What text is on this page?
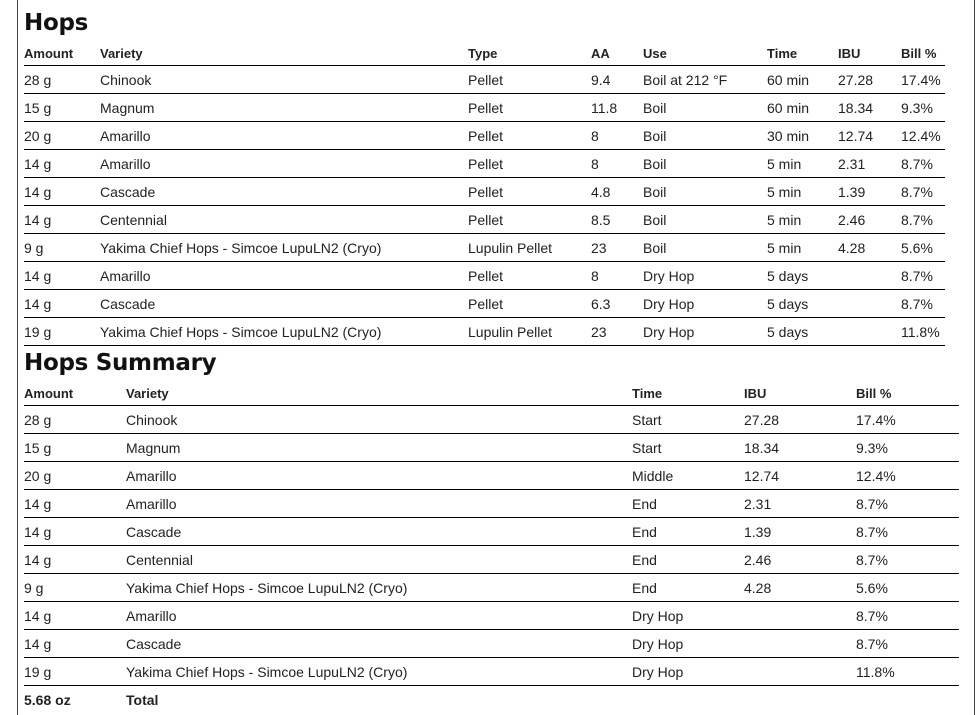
Hops
Amount	Variety	Type	AA	Use	Time	IBU	Bill %
28 g	Chinook	Pellet	9.4	Boil at 212 °F	60 min	27.28	17.4%
15 g	Magnum	Pellet	11.8	Boil	60 min	18.34	9.3%
20 g	Amarillo	Pellet	8	Boil	30 min	12.74	12.4%
14 g	Amarillo	Pellet	8	Boil	5 min	2.31	8.7%
14 g	Cascade	Pellet	4.8	Boil	5 min	1.39	8.7%
14 g	Centennial	Pellet	8.5	Boil	5 min	2.46	8.7%
9 g	Yakima Chief Hops - Simcoe LupuLN2 (Cryo)	Lupulin Pellet	23	Boil	5 min	4.28	5.6%
14 g	Amarillo	Pellet	8	Dry Hop	5 days		8.7%
14 g	Cascade	Pellet	6.3	Dry Hop	5 days		8.7%
19 g	Yakima Chief Hops - Simcoe LupuLN2 (Cryo)	Lupulin Pellet	23	Dry Hop	5 days		11.8%
Hops Summary
Amount	Variety	Time	IBU	Bill %
28 g	Chinook	Start	27.28	17.4%
15 g	Magnum	Start	18.34	9.3%
20 g	Amarillo	Middle	12.74	12.4%
14 g	Amarillo	End	2.31	8.7%
14 g	Cascade	End	1.39	8.7%
14 g	Centennial	End	2.46	8.7%
9 g	Yakima Chief Hops - Simcoe LupuLN2 (Cryo)	End	4.28	5.6%
14 g	Amarillo	Dry Hop		8.7%
14 g	Cascade	Dry Hop		8.7%
19 g	Yakima Chief Hops - Simcoe LupuLN2 (Cryo)	Dry Hop		11.8%
5.68 oz	Total			
